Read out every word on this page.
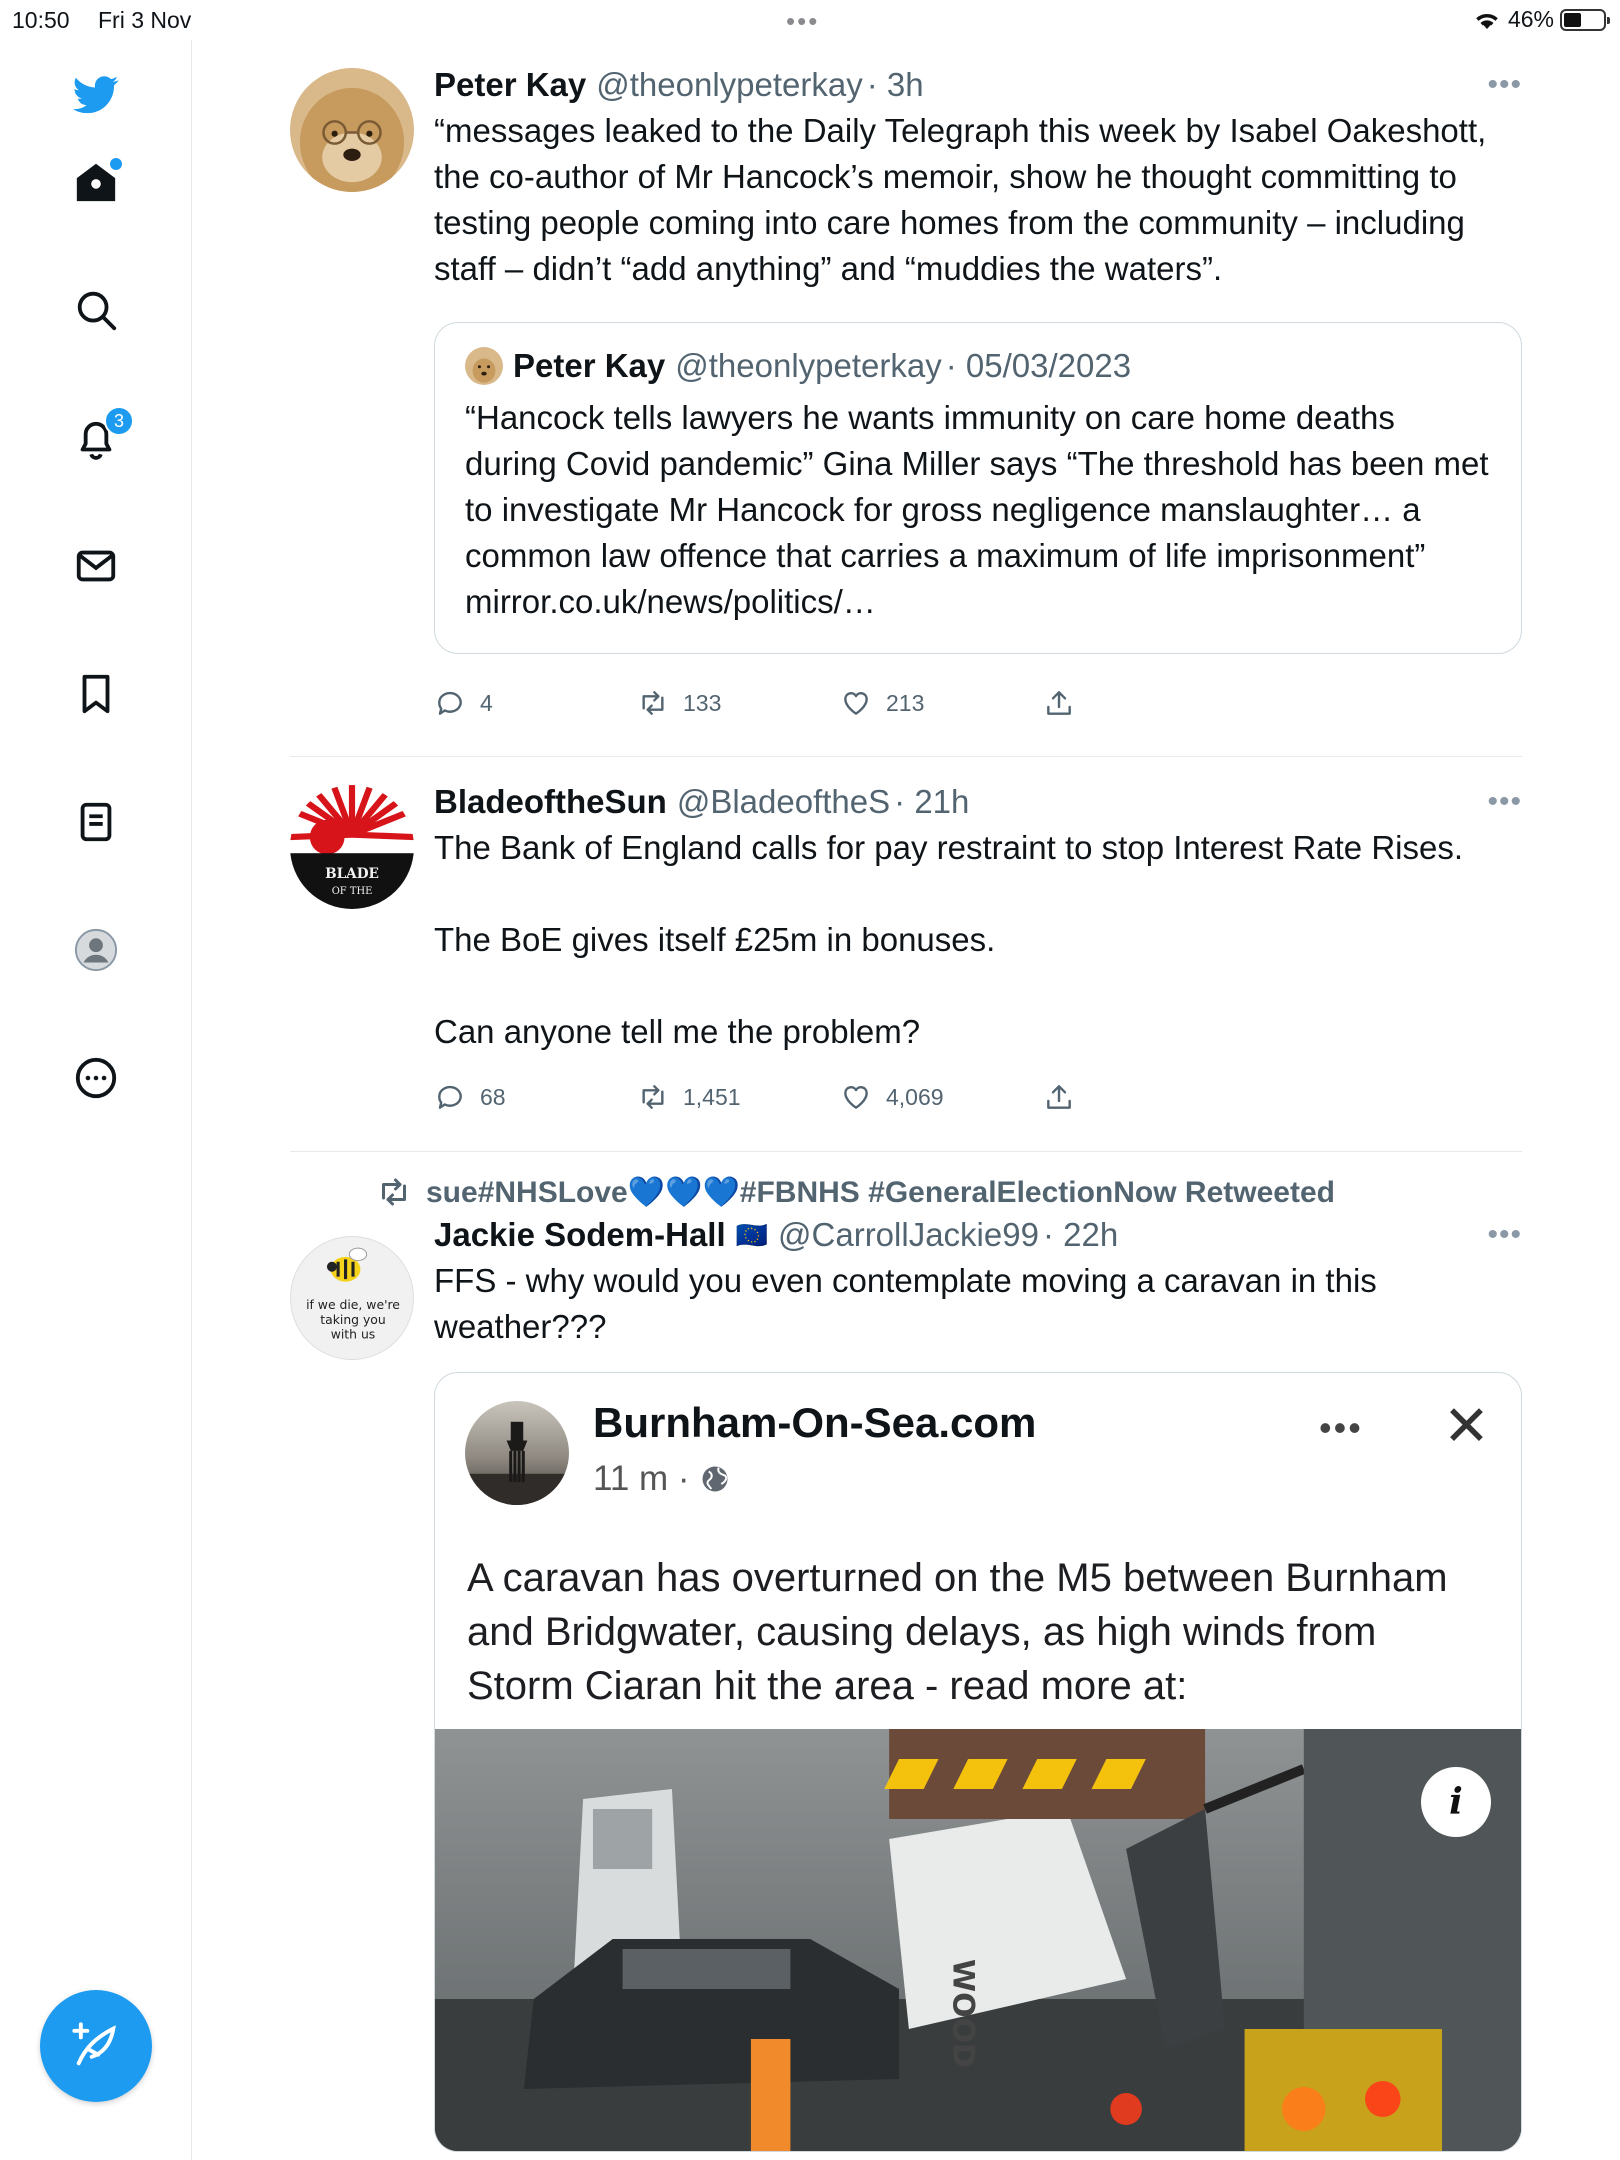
10:50 Fri 3 Nov	•••	46%
3
Peter Kay @theonlypeterkay · 3h	•••
“messages leaked to the Daily Telegraph this week by Isabel Oakeshott, the co-author of Mr Hancock’s memoir, show he thought committing to testing people coming into care homes from the community – including staff – didn’t “add anything” and “muddies the waters”.
Peter Kay @theonlypeterkay · 05/03/2023
“Hancock tells lawyers he wants immunity on care home deaths during Covid pandemic” Gina Miller says “The threshold has been met to investigate Mr Hancock for gross negligence manslaughter… a common law offence that carries a maximum of life imprisonment” mirror.co.uk/news/politics/…
4	133	213
BLADE
OF THE
BladeoftheSun @BladeoftheS · 21h	•••
The Bank of England calls for pay restraint to stop Interest Rate Rises.

The BoE gives itself £25m in bonuses.

Can anyone tell me the problem?
68	1,451	4,069
sue#NHSLove💙💙💙#FBNHS #GeneralElectionNow Retweeted
if we die, we're
taking you
with us
Jackie Sodem-Hall 🇪🇺 @CarrollJackie99 · 22h	•••
FFS - why would you even contemplate moving a caravan in this weather???
Burnham-On-Sea.com
11 m ·
••• ✕
A caravan has overturned on the M5 between Burnham and Bridgwater, causing delays, as high winds from Storm Ciaran hit the area - read more at:
WOOD
i
